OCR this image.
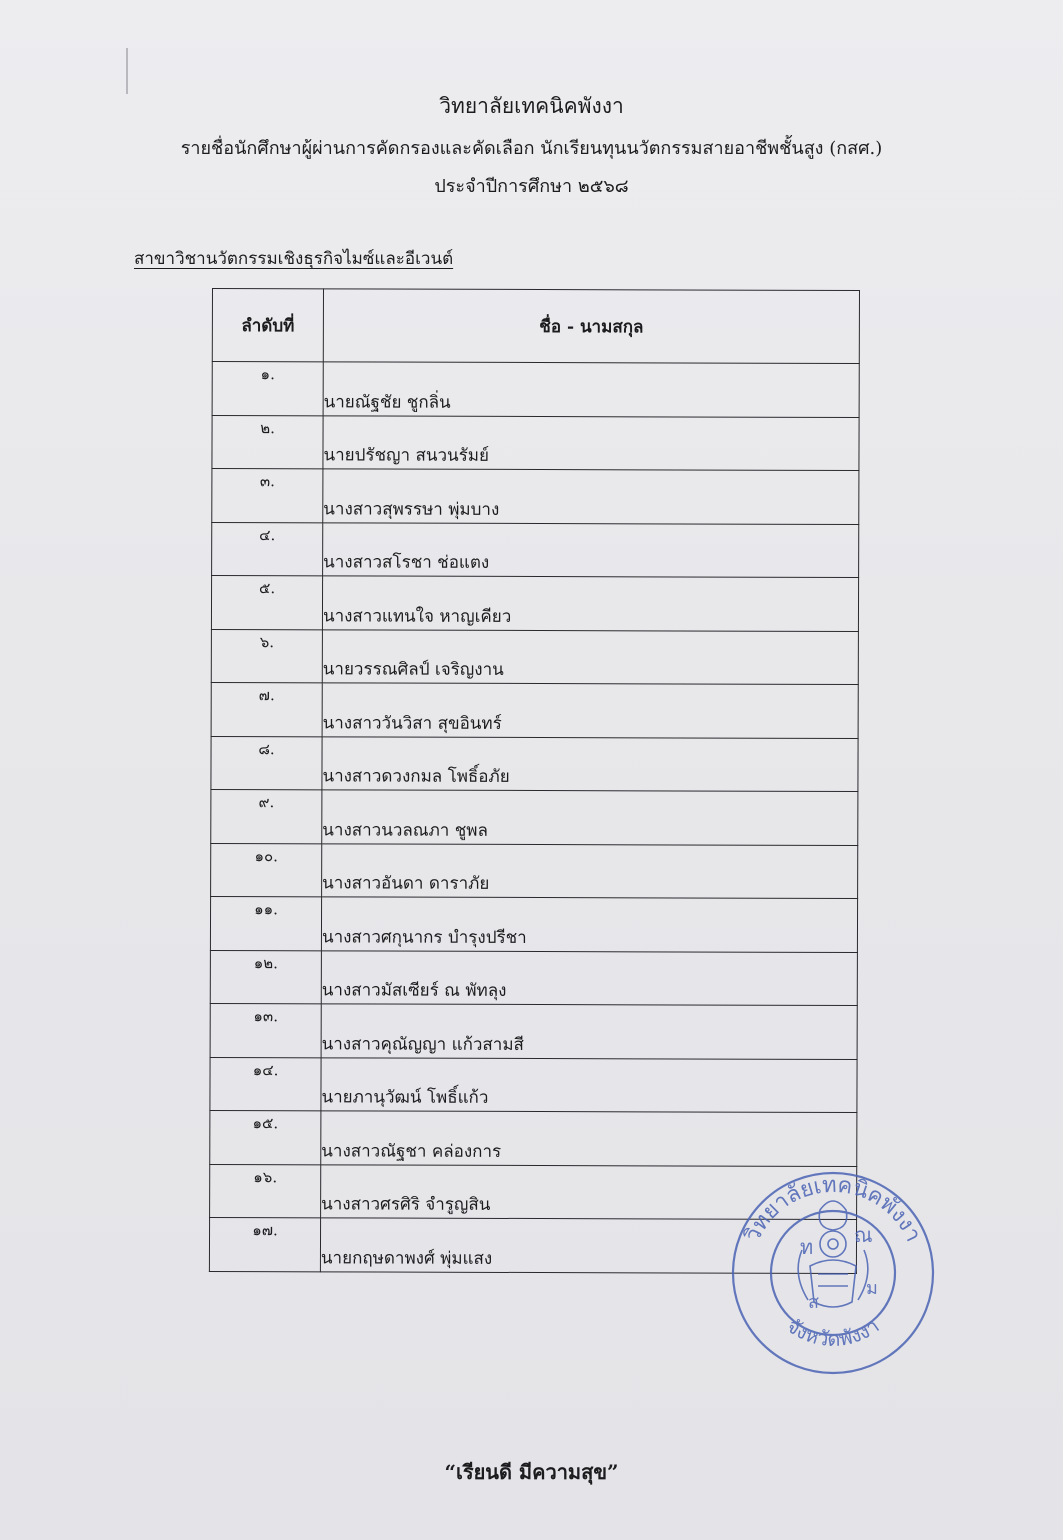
วิทยาลัยเทคนิคพังงา
รายชื่อนักศึกษาผู้ผ่านการคัดกรองและคัดเลือก นักเรียนทุนนวัตกรรมสายอาชีพชั้นสูง (กสศ.)
ประจำปีการศึกษา ๒๕๖๘
สาขาวิชานวัตกรรมเชิงธุรกิจไมซ์และอีเวนต์
ลำดับที่	ชื่อ - นามสกุล
๑.	นายณัฐชัย ชูกลิ่น
๒.	นายปรัชญา สนวนรัมย์
๓.	นางสาวสุพรรษา พุ่มบาง
๔.	นางสาวสโรชา ช่อแตง
๕.	นางสาวแทนใจ หาญเคียว
๖.	นายวรรณศิลป์ เจริญงาน
๗.	นางสาววันวิสา สุขอินทร์
๘.	นางสาวดวงกมล โพธิ์อภัย
๙.	นางสาวนวลณภา ชูพล
๑๐.	นางสาวอันดา ดาราภัย
๑๑.	นางสาวศกุนากร บำรุงปรีชา
๑๒.	นางสาวมัสเซียร์ ณ พัทลุง
๑๓.	นางสาวคุณัญญา แก้วสามสี
๑๔.	นายภานุวัฒน์ โพธิ์แก้ว
๑๕.	นางสาวณัฐชา คล่องการ
๑๖.	นางสาวศรศิริ จำรูญสิน
๑๗.	นายกฤษดาพงศ์ พุ่มแสง	ท ณ
ส
ม
วิทยาลัยเทคนิคพังงา
จังหวัดพังงา
“เรียนดี มีความสุข”
